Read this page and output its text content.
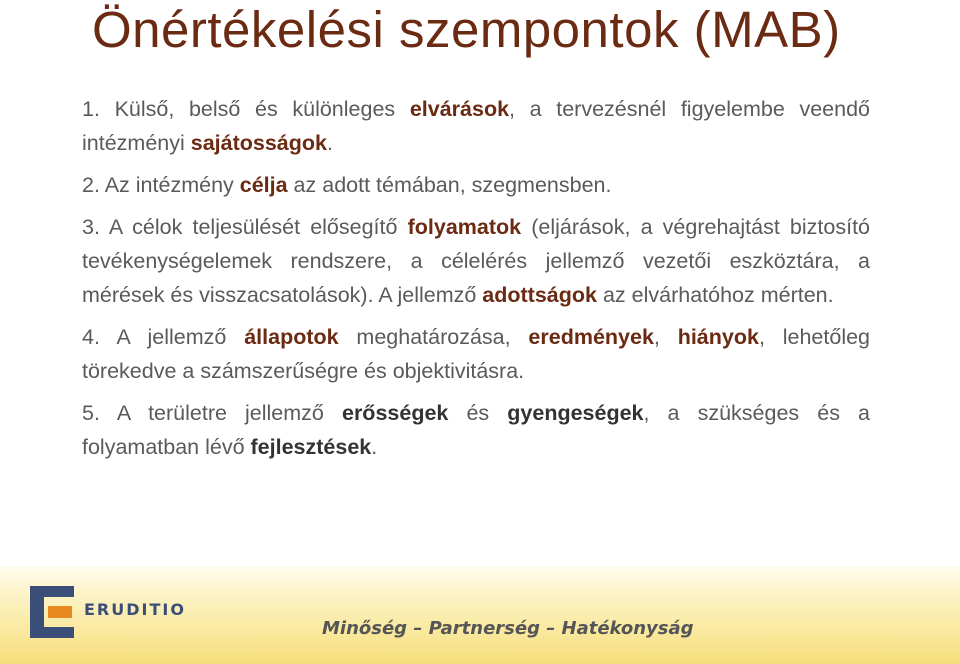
Önértékelési szempontok (MAB)
1. Külső, belső és különleges elvárások, a tervezésnél figyelembe veendő intézményi sajátosságok.
2. Az intézmény célja az adott témában, szegmensben.
3. A célok teljesülését elősegítő folyamatok (eljárások, a végrehajtást biztosító tevékenységelemek rendszere, a célelérés jellemző vezetői eszköztára, a mérések és visszacsatolások). A jellemző adottságok az elvárhatóhoz mérten.
4. A jellemző állapotok meghatározása, eredmények, hiányok, lehetőleg törekedve a számszerűségre és objektivitásra.
5. A területre jellemző erősségek és gyengeségek, a szükséges és a folyamatban lévő fejlesztések.
ERUDITIO
Minőség – Partnerség – Hatékonyság
